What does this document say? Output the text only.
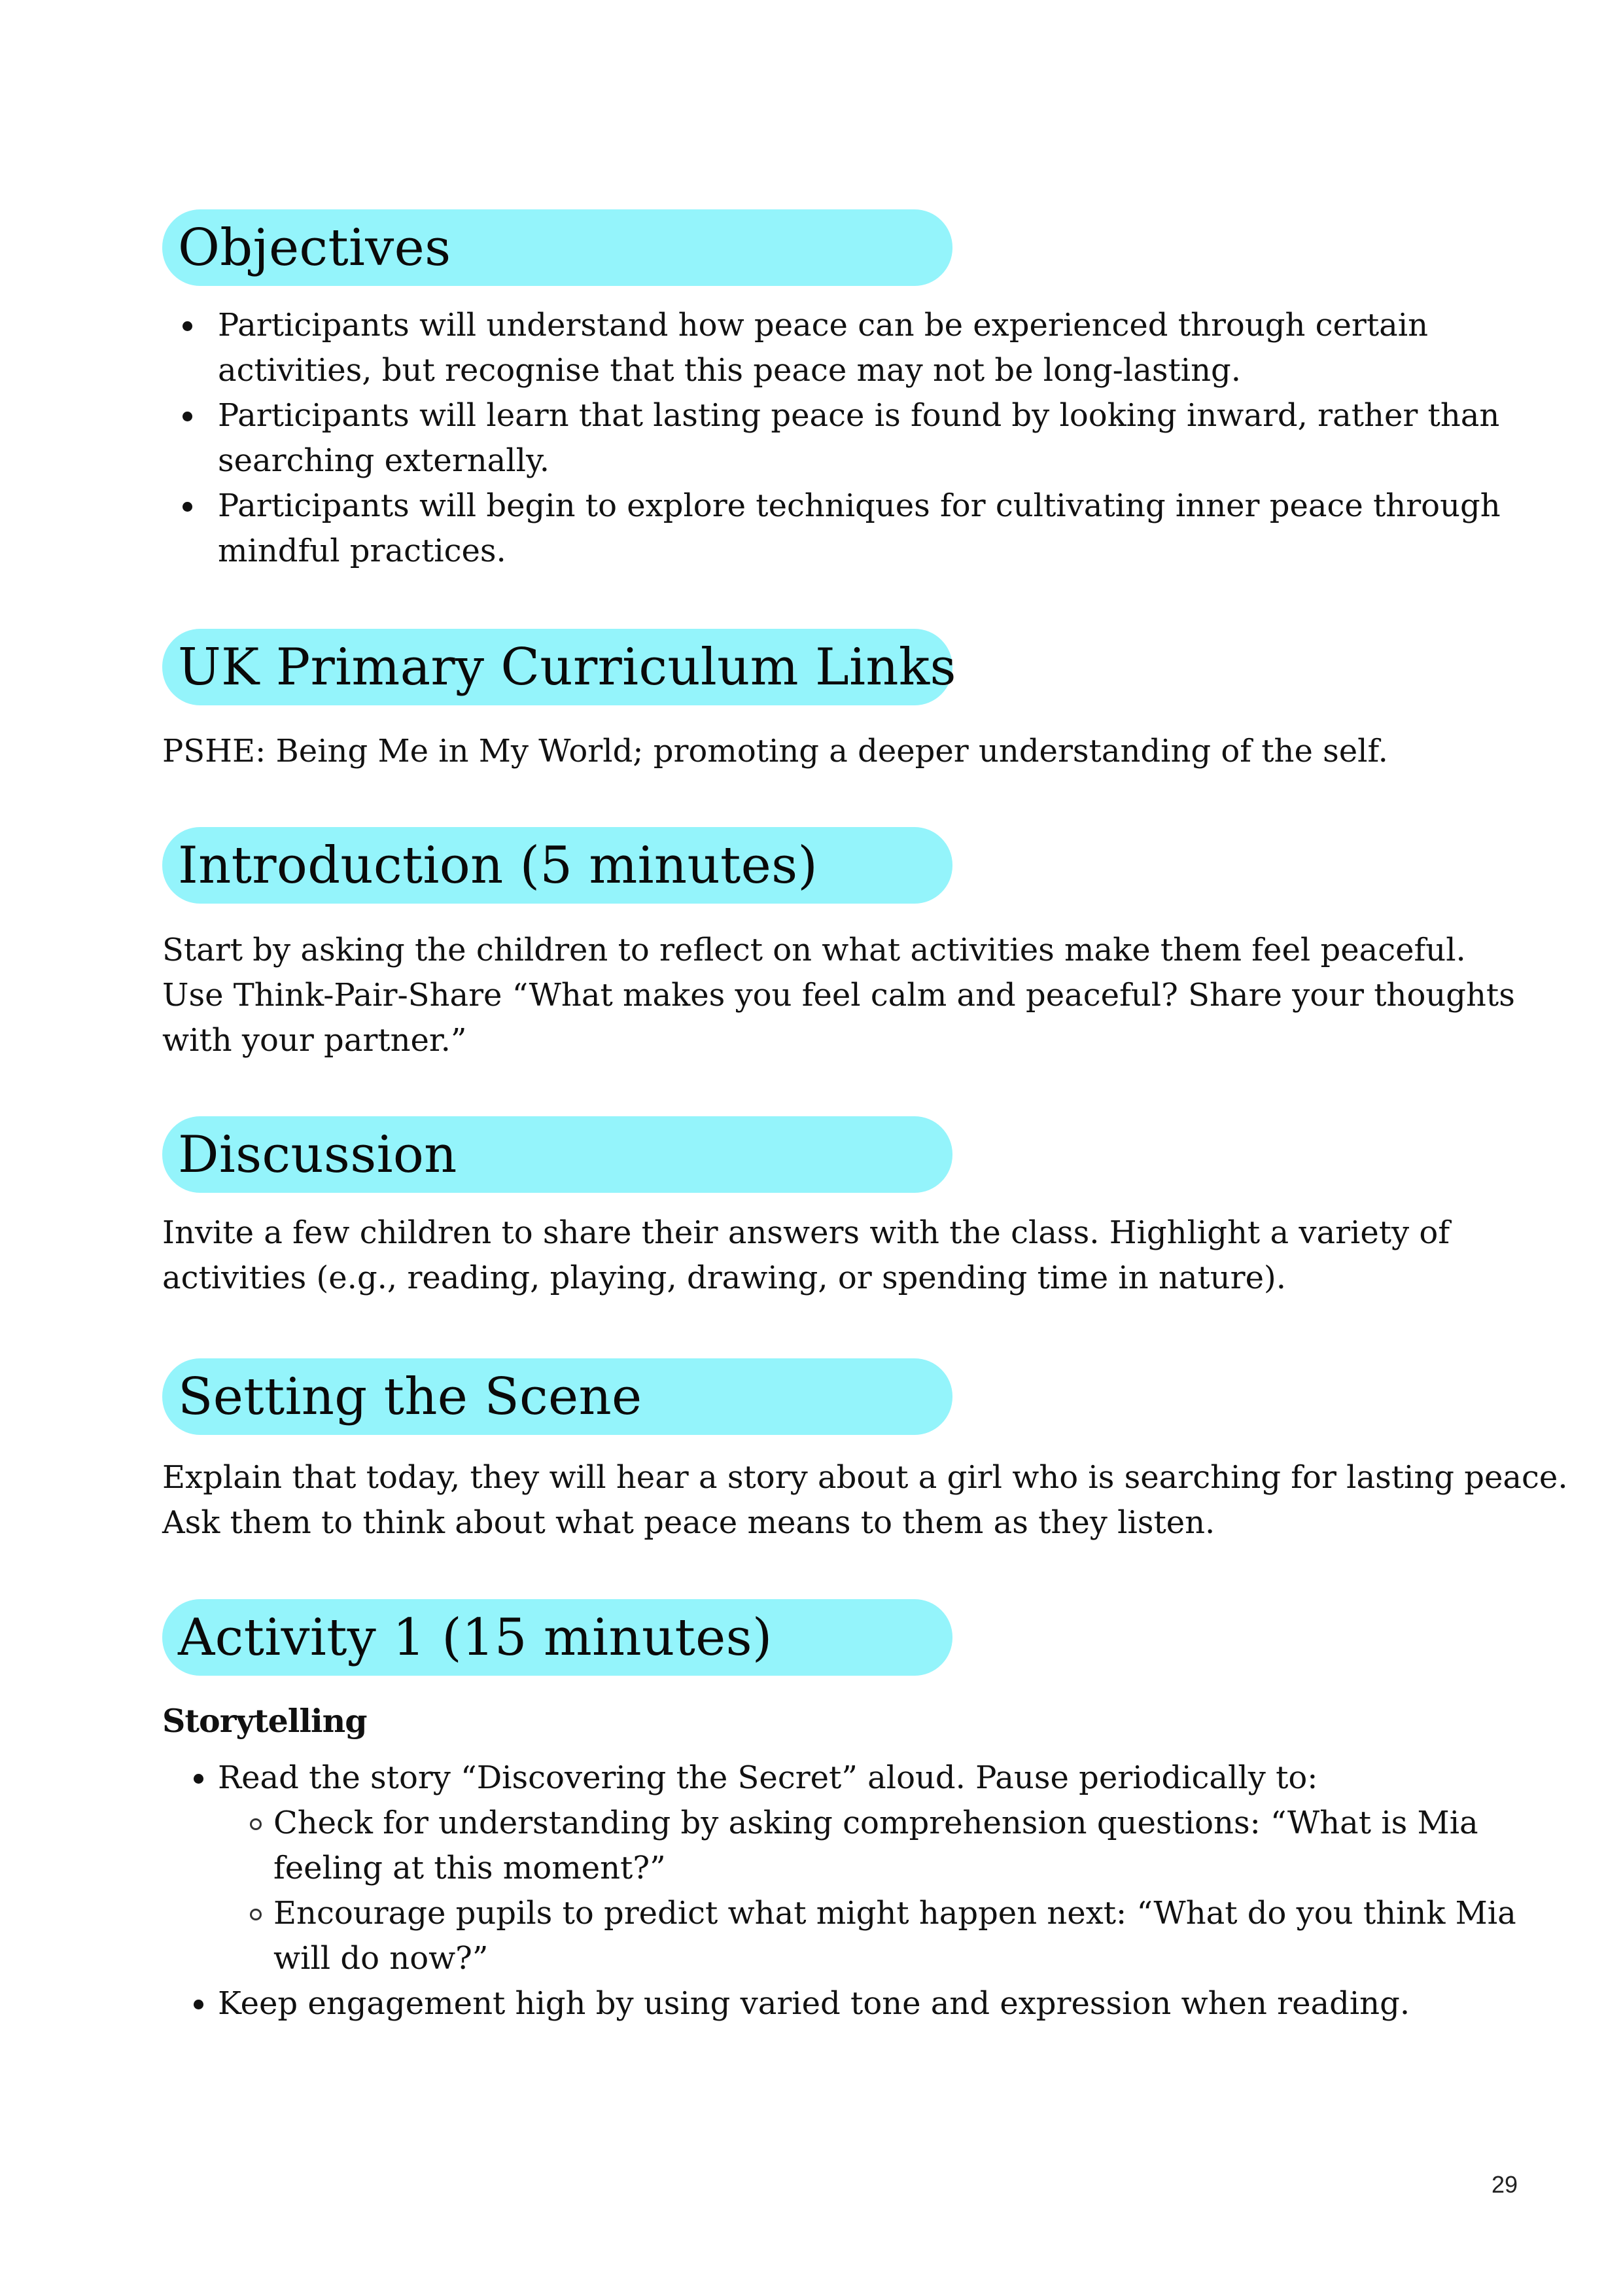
Objectives
Participants will understand how peace can be experienced through certain
activities, but recognise that this peace may not be long-lasting.
Participants will learn that lasting peace is found by looking inward, rather than
searching externally.
Participants will begin to explore techniques for cultivating inner peace through
mindful practices.
UK Primary Curriculum Links

PSHE: Being Me in My World; promoting a deeper understanding of the self.

Introduction (5 minutes)

Start by asking the children to reflect on what activities make them feel peaceful.
Use Think-Pair-Share “What makes you feel calm and peaceful? Share your thoughts
with your partner.”

Discussion

Invite a few children to share their answers with the class. Highlight a variety of
activities (e.g., reading, playing, drawing, or spending time in nature).

Setting the Scene

Explain that today, they will hear a story about a girl who is searching for lasting peace.
Ask them to think about what peace means to them as they listen.

Activity 1 (15 minutes)
Storytelling
Read the story “Discovering the Secret” aloud. Pause periodically to:
Check for understanding by asking comprehension questions: “What is Mia
feeling at this moment?”
Encourage pupils to predict what might happen next: “What do you think Mia
will do now?”
Keep engagement high by using varied tone and expression when reading.
29
